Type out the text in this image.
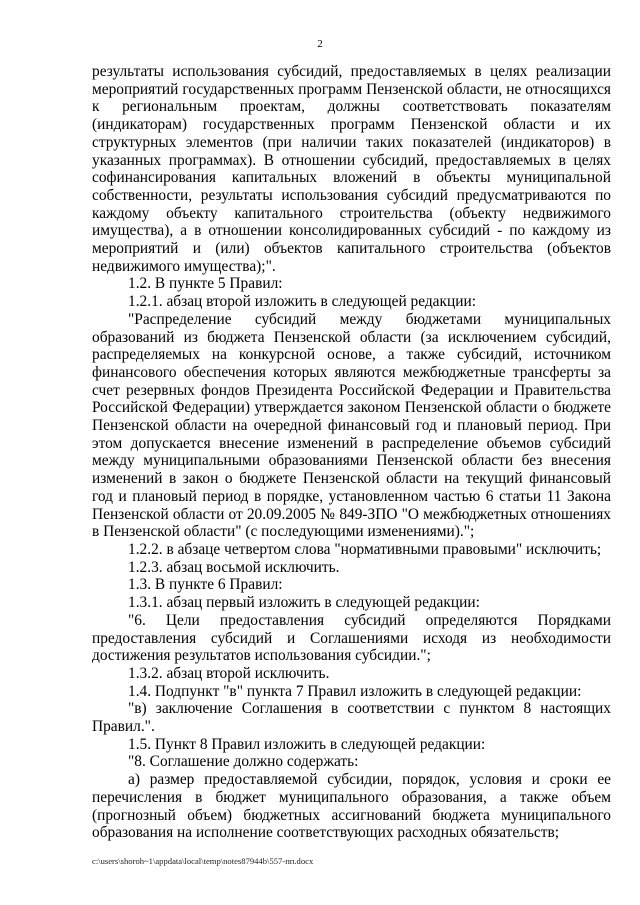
2

результаты использования субсидий, предоставляемых в целях реализации мероприятий государственных программ Пензенской области, не относящихся к региональным проектам, должны соответствовать показателям (индикаторам) государственных программ Пензенской области и их структурных элементов (при наличии таких показателей (индикаторов) в указанных программах). В отношении субсидий, предоставляемых в целях софинансирования капитальных вложений в объекты муниципальной собственности, результаты использования субсидий предусматриваются по каждому объекту капитального строительства (объекту недвижимого имущества), а в отношении консолидированных субсидий - по каждому из мероприятий и (или) объектов капитального строительства (объектов недвижимого имущества);".

1.2. В пункте 5 Правил:

1.2.1. абзац второй изложить в следующей редакции:

"Распределение субсидий между бюджетами муниципальных образований из бюджета Пензенской области (за исключением субсидий, распределяемых на конкурсной основе, а также субсидий, источником финансового обеспечения которых являются межбюджетные трансферты за счет резервных фондов Президента Российской Федерации и Правительства Российской Федерации) утверждается законом Пензенской области о бюджете Пензенской области на очередной финансовый год и плановый период. При этом допускается внесение изменений в распределение объемов субсидий между муниципальными образованиями Пензенской области без внесения изменений в закон о бюджете Пензенской области на текущий финансовый год и плановый период в порядке, установленном частью 6 статьи 11 Закона Пензенской области от 20.09.2005 № 849-ЗПО "О межбюджетных отношениях в Пензенской области" (с последующими изменениями).";

1.2.2. в абзаце четвертом слова "нормативными правовыми" исключить;

1.2.3. абзац восьмой исключить.

1.3. В пункте 6 Правил:

1.3.1. абзац первый изложить в следующей редакции:

"6. Цели предоставления субсидий определяются Порядками предоставления субсидий и Соглашениями исходя из необходимости достижения результатов использования субсидии.";

1.3.2. абзац второй исключить.

1.4. Подпункт "в" пункта 7 Правил изложить в следующей редакции:

"в) заключение Соглашения в соответствии с пунктом 8 настоящих Правил.".

1.5. Пункт 8 Правил изложить в следующей редакции:

"8. Соглашение должно содержать:

а) размер предоставляемой субсидии, порядок, условия и сроки ее перечисления в бюджет муниципального образования, а также объем (прогнозный объем) бюджетных ассигнований бюджета муниципального образования на исполнение соответствующих расходных обязательств;

c:\users\shoroh~1\appdata\local\temp\notes87944b\557-пп.docx
